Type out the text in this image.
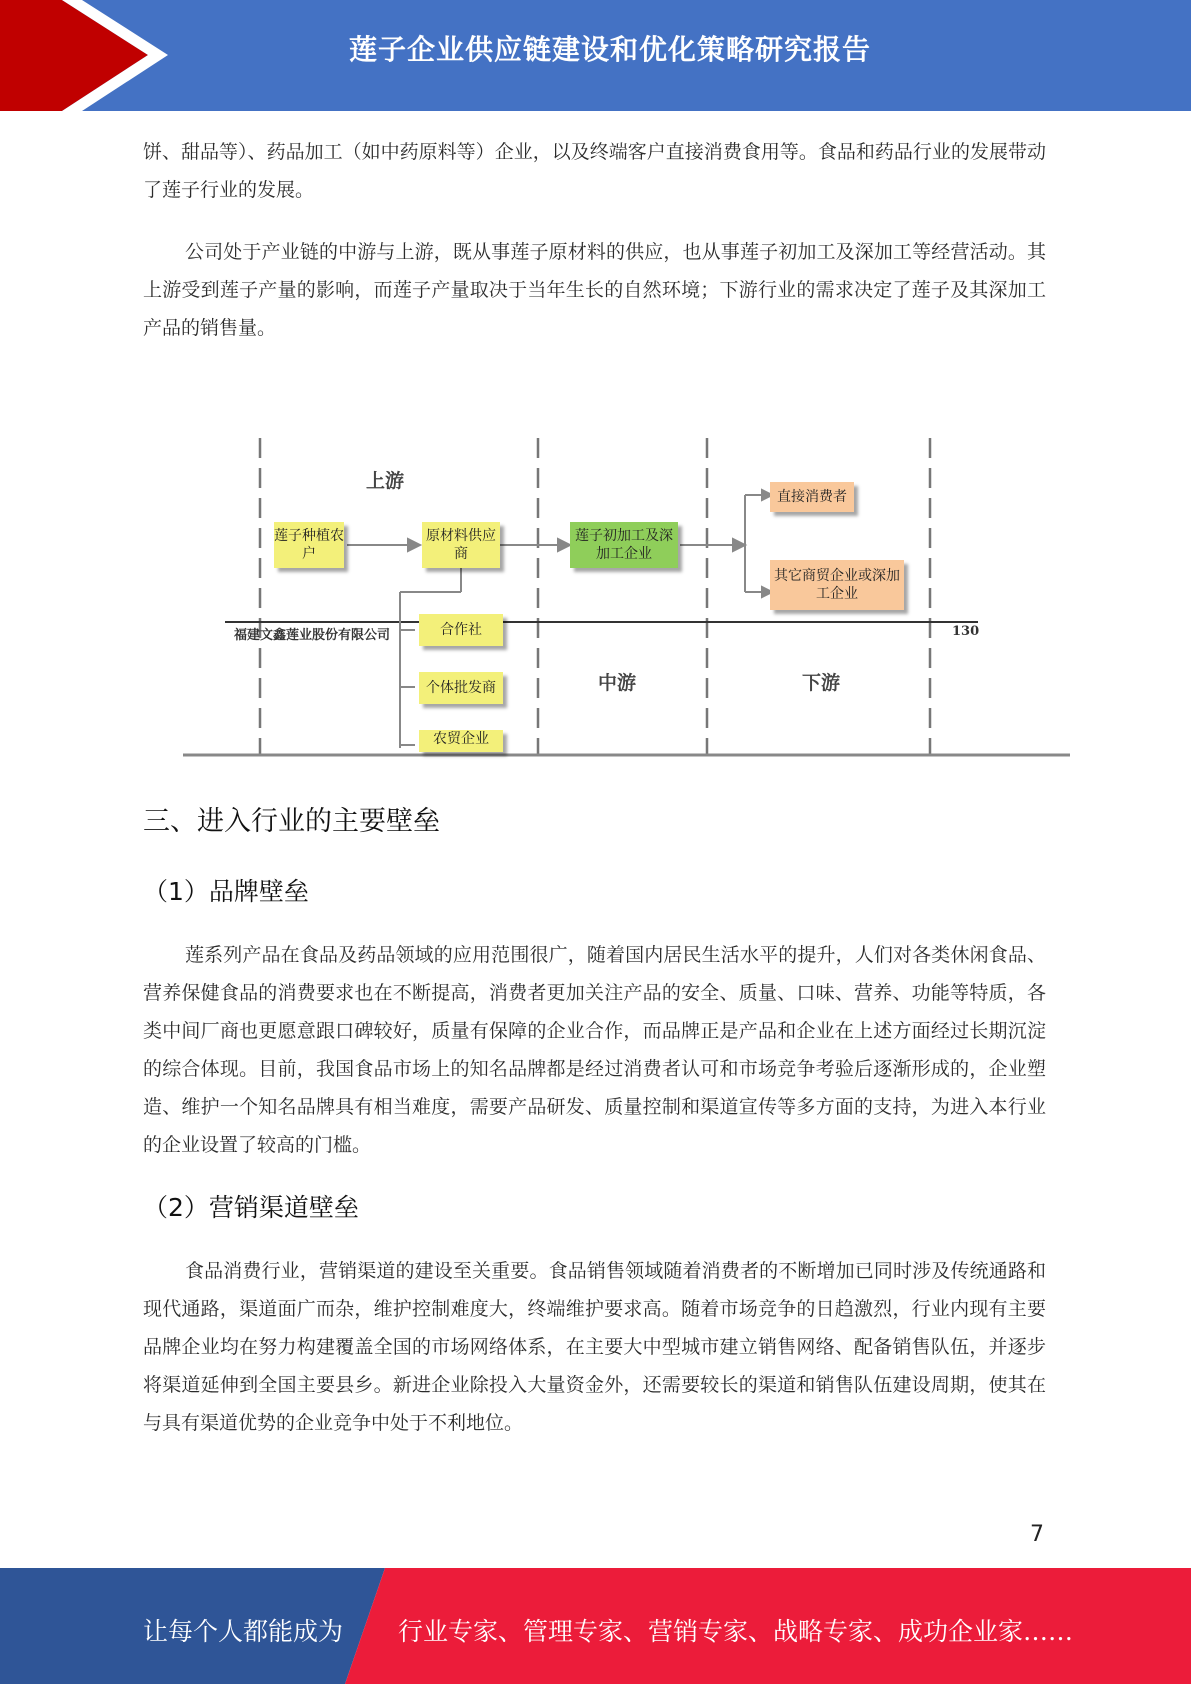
莲子企业供应链建设和优化策略研究报告
饼、甜品等）、药品加工（如中药原料等）企业，以及终端客户直接消费食用等。食品和药品行业的发展带动了莲子行业的发展。
公司处于产业链的中游与上游，既从事莲子原材料的供应，也从事莲子初加工及深加工等经营活动。其上游受到莲子产量的影响，而莲子产量取决于当年生长的自然环境；下游行业的需求决定了莲子及其深加工产品的销售量。
上游
中游	下游
莲子种植农户
原材料供应商
莲子初加工及深加工企业
直接消费者
其它商贸企业或深加工企业
合作社
个体批发商
农贸企业
福建文鑫莲业股份有限公司	130
三、进入行业的主要壁垒
（1）品牌壁垒
莲系列产品在食品及药品领域的应用范围很广，随着国内居民生活水平的提升，人们对各类休闲食品、营养保健食品的消费要求也在不断提高，消费者更加关注产品的安全、质量、口味、营养、功能等特质，各类中间厂商也更愿意跟口碑较好，质量有保障的企业合作，而品牌正是产品和企业在上述方面经过长期沉淀的综合体现。目前，我国食品市场上的知名品牌都是经过消费者认可和市场竞争考验后逐渐形成的，企业塑造、维护一个知名品牌具有相当难度，需要产品研发、质量控制和渠道宣传等多方面的支持，为进入本行业的企业设置了较高的门槛。
（2）营销渠道壁垒
食品消费行业，营销渠道的建设至关重要。食品销售领域随着消费者的不断增加已同时涉及传统通路和现代通路，渠道面广而杂，维护控制难度大，终端维护要求高。随着市场竞争的日趋激烈，行业内现有主要品牌企业均在努力构建覆盖全国的市场网络体系，在主要大中型城市建立销售网络、配备销售队伍，并逐步将渠道延伸到全国主要县乡。新进企业除投入大量资金外，还需要较长的渠道和销售队伍建设周期，使其在与具有渠道优势的企业竞争中处于不利地位。
7
让每个人都能成为 行业专家、管理专家、营销专家、战略专家、成功企业家……
